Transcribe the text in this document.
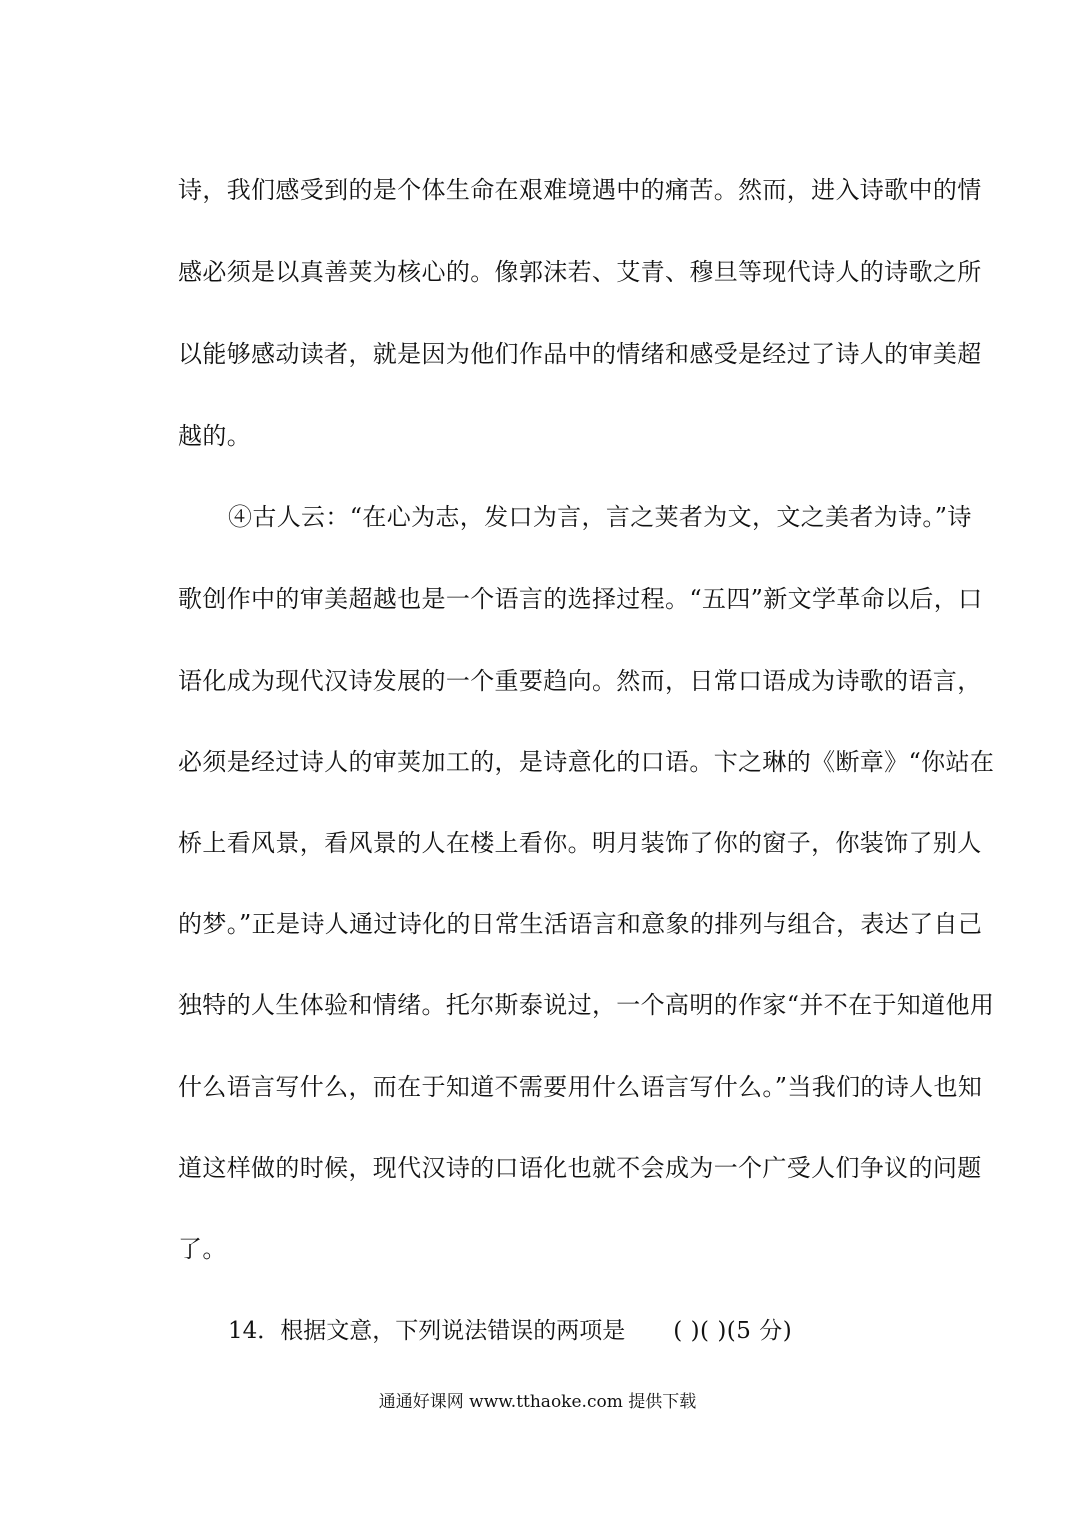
诗，我们感受到的是个体生命在艰难境遇中的痛苦。然而，进入诗歌中的情
感必须是以真善荚为核心的。像郭沫若、艾青、穆旦等现代诗人的诗歌之所
以能够感动读者，就是因为他们作品中的情绪和感受是经过了诗人的审美超
越的。
④古人云：“在心为志，发口为言，言之荚者为文，文之美者为诗。”诗
歌创作中的审美超越也是一个语言的选择过程。“五四”新文学革命以后，口
语化成为现代汉诗发展的一个重要趋向。然而，日常口语成为诗歌的语言，
必须是经过诗人的审荚加工的，是诗意化的口语。卞之琳的《断章》“你站在
桥上看风景，看风景的人在楼上看你。明月装饰了你的窗子，你装饰了别人
的梦。”正是诗人通过诗化的日常生活语言和意象的排列与组合，表达了自己
独特的人生体验和情绪。托尔斯泰说过，一个高明的作家“并不在于知道他用
什么语言写什么，而在于知道不需要用什么语言写什么。”当我们的诗人也知
道这样做的时候，现代汉诗的口语化也就不会成为一个广受人们争议的问题
了。
14．根据文意，下列说法错误的两项是 ( )( )(5 分)
通通好课网 www.tthaoke.com 提供下载
